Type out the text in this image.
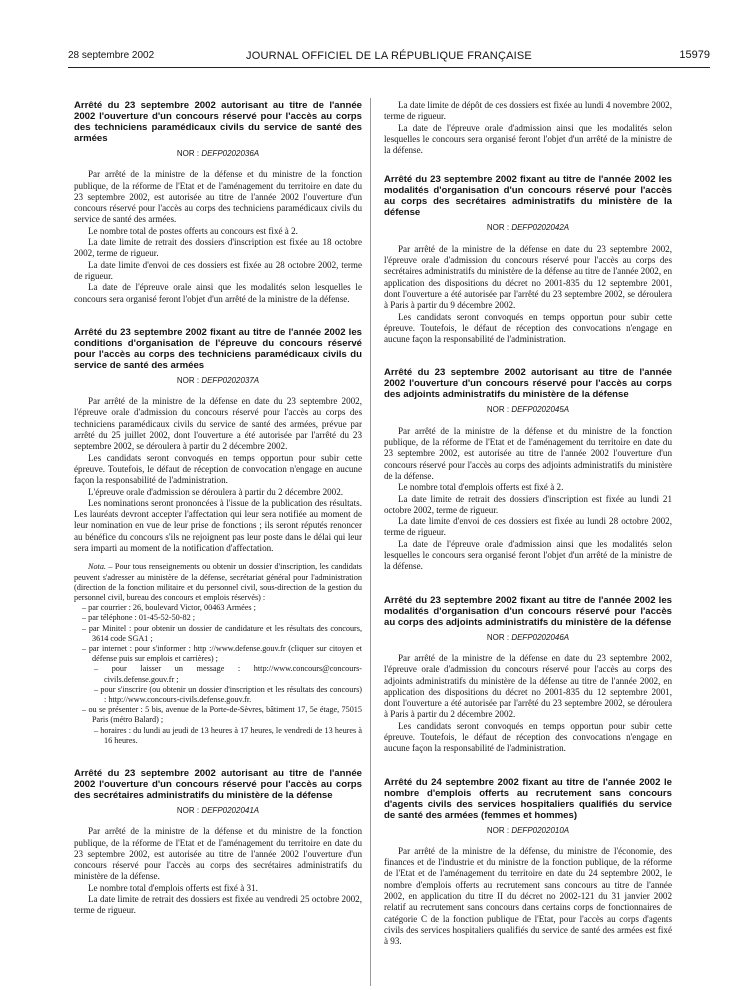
28 septembre 2002	JOURNAL OFFICIEL DE LA RÉPUBLIQUE FRANÇAISE	15979
Arrêté du 23 septembre 2002 autorisant au titre de l'année 2002 l'ouverture d'un concours réservé pour l'accès au corps des techniciens paramédicaux civils du service de santé des armées
NOR : DEFP0202036A

Par arrêté de la ministre de la défense et du ministre de la fonction publique, de la réforme de l'Etat et de l'aménagement du territoire en date du 23 septembre 2002, est autorisée au titre de l'année 2002 l'ouverture d'un concours réservé pour l'accès au corps des techniciens paramédicaux civils du service de santé des armées.

Le nombre total de postes offerts au concours est fixé à 2.

La date limite de retrait des dossiers d'inscription est fixée au 18 octobre 2002, terme de rigueur.

La date limite d'envoi de ces dossiers est fixée au 28 octobre 2002, terme de rigueur.

La date de l'épreuve orale ainsi que les modalités selon lesquelles le concours sera organisé feront l'objet d'un arrêté de la ministre de la défense.

Arrêté du 23 septembre 2002 fixant au titre de l'année 2002 les conditions d'organisation de l'épreuve du concours réservé pour l'accès au corps des techniciens paramédicaux civils du service de santé des armées
NOR : DEFP0202037A

Par arrêté de la ministre de la défense en date du 23 septembre 2002, l'épreuve orale d'admission du concours réservé pour l'accès au corps des techniciens paramédicaux civils du service de santé des armées, prévue par arrêté du 25 juillet 2002, dont l'ouverture a été autorisée par l'arrêté du 23 septembre 2002, se déroulera à partir du 2 décembre 2002.

Les candidats seront convoqués en temps opportun pour subir cette épreuve. Toutefois, le défaut de réception de convocation n'engage en aucune façon la responsabilité de l'administration.

L'épreuve orale d'admission se déroulera à partir du 2 décembre 2002.

Les nominations seront prononcées à l'issue de la publication des résultats. Les lauréats devront accepter l'affectation qui leur sera notifiée au moment de leur nomination en vue de leur prise de fonctions ; ils seront réputés renoncer au bénéfice du concours s'ils ne rejoignent pas leur poste dans le délai qui leur sera imparti au moment de la notification d'affectation.

Nota. – Pour tous renseignements ou obtenir un dossier d'inscription, les candidats peuvent s'adresser au ministère de la défense, secrétariat général pour l'administration (direction de la fonction militaire et du personnel civil, sous-direction de la gestion du personnel civil, bureau des concours et emplois réservés) :

– par courrier : 26, boulevard Victor, 00463 Armées ;
– par téléphone : 01-45-52-50-82 ;
– par Minitel : pour obtenir un dossier de candidature et les résultats des concours, 3614 code SGA1 ;
– par internet : pour s'informer : http ://www.defense.gouv.fr (cliquer sur citoyen et défense puis sur emplois et carrières) ;
– pour laisser un message : http://www.concours@concours-civils.defense.gouv.fr ;
– pour s'inscrire (ou obtenir un dossier d'inscription et les résultats des concours) : http://www.concours-civils.defense.gouv.fr.
– ou se présenter : 5 bis, avenue de la Porte-de-Sèvres, bâtiment 17, 5e étage, 75015 Paris (métro Balard) ;
– horaires : du lundi au jeudi de 13 heures à 17 heures, le vendredi de 13 heures à 16 heures.
Arrêté du 23 septembre 2002 autorisant au titre de l'année 2002 l'ouverture d'un concours réservé pour l'accès au corps des secrétaires administratifs du ministère de la défense
NOR : DEFP0202041A

Par arrêté de la ministre de la défense et du ministre de la fonction publique, de la réforme de l'Etat et de l'aménagement du territoire en date du 23 septembre 2002, est autorisée au titre de l'année 2002 l'ouverture d'un concours réservé pour l'accès au corps des secrétaires administratifs du ministère de la défense.

Le nombre total d'emplois offerts est fixé à 31.

La date limite de retrait des dossiers est fixée au vendredi 25 octobre 2002, terme de rigueur.

La date limite de dépôt de ces dossiers est fixée au lundi 4 novembre 2002, terme de rigueur.

La date de l'épreuve orale d'admission ainsi que les modalités selon lesquelles le concours sera organisé feront l'objet d'un arrêté de la ministre de la défense.

Arrêté du 23 septembre 2002 fixant au titre de l'année 2002 les modalités d'organisation d'un concours réservé pour l'accès au corps des secrétaires administratifs du ministère de la défense
NOR : DEFP0202042A

Par arrêté de la ministre de la défense en date du 23 septembre 2002, l'épreuve orale d'admission du concours réservé pour l'accès au corps des secrétaires administratifs du ministère de la défense au titre de l'année 2002, en application des dispositions du décret no 2001-835 du 12 septembre 2001, dont l'ouverture a été autorisée par l'arrêté du 23 septembre 2002, se déroulera à Paris à partir du 9 décembre 2002.

Les candidats seront convoqués en temps opportun pour subir cette épreuve. Toutefois, le défaut de réception des convocations n'engage en aucune façon la responsabilité de l'administration.

Arrêté du 23 septembre 2002 autorisant au titre de l'année 2002 l'ouverture d'un concours réservé pour l'accès au corps des adjoints administratifs du ministère de la défense
NOR : DEFP0202045A

Par arrêté de la ministre de la défense et du ministre de la fonction publique, de la réforme de l'Etat et de l'aménagement du territoire en date du 23 septembre 2002, est autorisée au titre de l'année 2002 l'ouverture d'un concours réservé pour l'accès au corps des adjoints administratifs du ministère de la défense.

Le nombre total d'emplois offerts est fixé à 2.

La date limite de retrait des dossiers d'inscription est fixée au lundi 21 octobre 2002, terme de rigueur.

La date limite d'envoi de ces dossiers est fixée au lundi 28 octobre 2002, terme de rigueur.

La date de l'épreuve orale d'admission ainsi que les modalités selon lesquelles le concours sera organisé feront l'objet d'un arrêté de la ministre de la défense.

Arrêté du 23 septembre 2002 fixant au titre de l'année 2002 les modalités d'organisation d'un concours réservé pour l'accès au corps des adjoints administratifs du ministère de la défense
NOR : DEFP0202046A

Par arrêté de la ministre de la défense en date du 23 septembre 2002, l'épreuve orale d'admission du concours réservé pour l'accès au corps des adjoints administratifs du ministère de la défense au titre de l'année 2002, en application des dispositions du décret no 2001-835 du 12 septembre 2001, dont l'ouverture a été autorisée par l'arrêté du 23 septembre 2002, se déroulera à Paris à partir du 2 décembre 2002.

Les candidats seront convoqués en temps opportun pour subir cette épreuve. Toutefois, le défaut de réception des convocations n'engage en aucune façon la responsabilité de l'administration.

Arrêté du 24 septembre 2002 fixant au titre de l'année 2002 le nombre d'emplois offerts au recrutement sans concours d'agents civils des services hospitaliers qualifiés du service de santé des armées (femmes et hommes)
NOR : DEFP0202010A

Par arrêté de la ministre de la défense, du ministre de l'économie, des finances et de l'industrie et du ministre de la fonction publique, de la réforme de l'Etat et de l'aménagement du territoire en date du 24 septembre 2002, le nombre d'emplois offerts au recrutement sans concours au titre de l'année 2002, en application du titre II du décret no 2002-121 du 31 janvier 2002 relatif au recrutement sans concours dans certains corps de fonctionnaires de catégorie C de la fonction publique de l'Etat, pour l'accès au corps d'agents civils des services hospitaliers qualifiés du service de santé des armées est fixé à 93.
